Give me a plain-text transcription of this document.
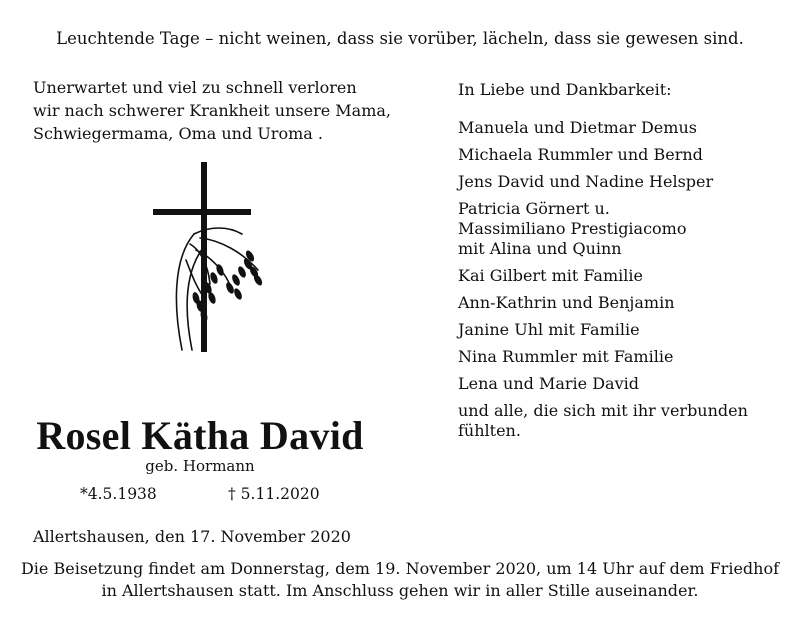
Leuchtende Tage – nicht weinen, dass sie vorüber, lächeln, dass sie gewesen sind.
Unerwartet und viel zu schnell verloren
wir nach schwerer Krankheit unsere Mama,
Schwiegermama, Oma und Uroma .
Rosel Kätha David
geb. Hormann
*4.5.1938	† 5.11.2020
Allertshausen, den 17. November 2020
In Liebe und Dankbarkeit:
Manuela und Dietmar Demus
Michaela Rummler und Bernd
Jens David und Nadine Helsper
Patricia Görnert u.
Massimiliano Prestigiacomo
mit Alina und Quinn
Kai Gilbert mit Familie
Ann-Kathrin und Benjamin
Janine Uhl mit Familie
Nina Rummler mit Familie
Lena und Marie David
und alle, die sich mit ihr verbunden
fühlten.
Die Beisetzung findet am Donnerstag, dem 19. November 2020, um 14 Uhr auf dem Friedhof
in Allertshausen statt. Im Anschluss gehen wir in aller Stille auseinander.
